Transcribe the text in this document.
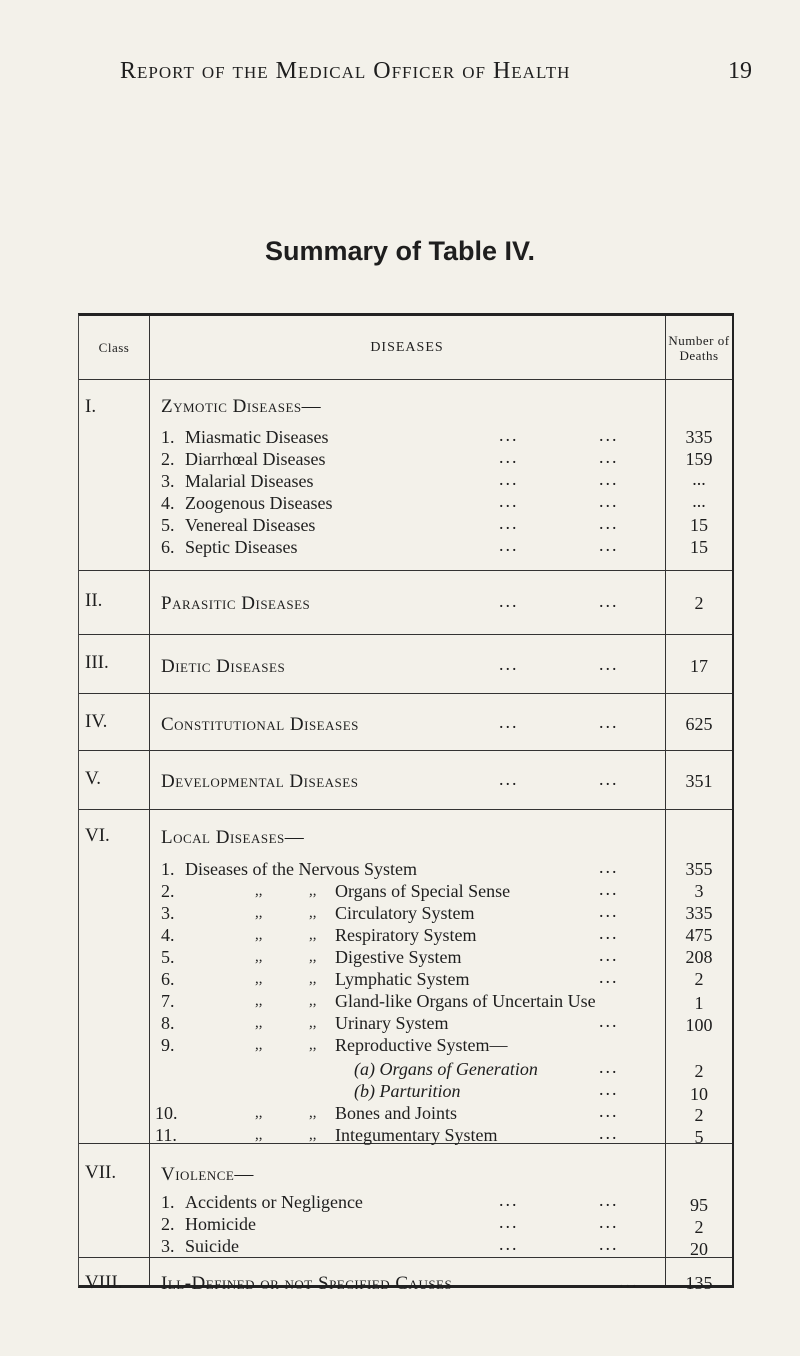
Report of the Medical Officer of Health	19
Summary of Table IV.
Class	DISEASES	Number of Deaths
I.	Zymotic Diseases—
1. Miasmatic Diseases	...	...	335
2. Diarrhœal Diseases	...	...	159
3. Malarial Diseases	...	...	...
4. Zoogenous Diseases	...	...	...
5. Venereal Diseases	...	...	15
6. Septic Diseases	...	...	15
II.	Parasitic Diseases	...	...	2
III.	Dietic Diseases	...	...	17
IV.	Constitutional Diseases	...	...	625
V.	Developmental Diseases	...	...	351
VI.	Local Diseases—
1. Diseases of the Nervous System	...	355
2.	,,	,, Organs of Special Sense	...	3
3.	,,	,, Circulatory System	...	335
4.	,,	,, Respiratory System	...	475
5.	,,	,, Digestive System	...	208
6.	,,	,, Lymphatic System	...	2
7.	,,	,, Gland-like Organs of Uncertain Use	1
8.	,,	,, Urinary System	...	100
9.	,,	,, Reproductive System—
(a) Organs of Generation	...	2
(b) Parturition	...	10
10.	,,	,, Bones and Joints	...	2
11.	,,	,, Integumentary System	...	5
VII.	Violence—
1. Accidents or Negligence	...	...	95
2. Homicide	...	...	2
3. Suicide	...	...	20
VIII.	Ill-Defined or not Specified Causes	...	135
